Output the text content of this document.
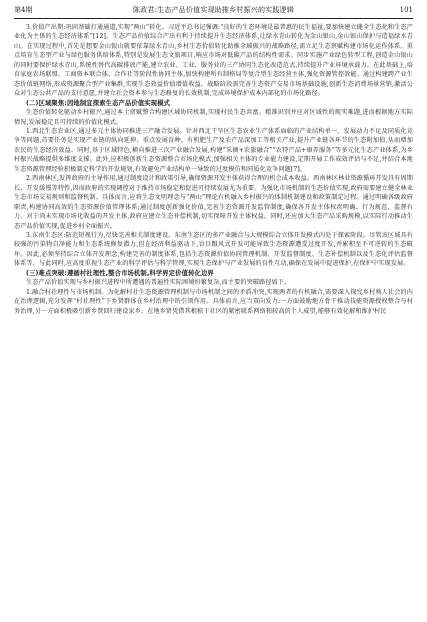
第4期	陈政君:生态产品价值实现助推乡村振兴的实践逻辑	101

3.价值产出期:巩固基础打通通道,实现“两山”转化。习近平总书记强调:“良好的生态环境是最普惠的民生福祉,要加快建立健全生态化和生态产业化为主体的生态经济体系”[12]。生态产品价值综合产出有利于持续提升生态经济体系,让绿水青山转化为金山银山,金山银山保护与造福绿水青山。在实现过程中,首先是想要金山银山就要依靠绿水青山,乡村生态价值转化助推全域振兴的战略路径,需立足生态禀赋构建市场化运作体系。重点培育生态型产业与绿色服务供给体系,特别是发展生态文旅项目,响应市场对低碳产品的结构性需求。同步实施产业绿色转型工程,创造金山银山的同时要保护绿水青山,系统性替代高碳排放产能,建立农业、工业、服务业的三产协同生态化改造范式,持续提升产业环境承载力。在此基础上,培育家庭农场联盟、工商资本联合体、合作社等阶段性协同主体,加快构建所有制格局等复合型生态经营主体,强化资源管控效能。通过构建跨产业生态价值链网络,形成资源聚合型产业集群,实现生态效益价值增值收益。战略阶段需完善生态资产交易市场基础设施,创新生态消费场景营销,激活公众对生态公共产品的支付意愿,并建立社会资本参与生态修复的长效机制,完成环境保护成本内部化的市场化路径。

(二)区域聚焦:因地制宜探索生态产品价值实现模式

生态价值转化驱动乡村振兴,通过本土禀赋整合构建区域协同机制,实现村民生态共富。精准识别并应对区域性的现实难题,进而根据地方实际情况,发展稳定且可持续的价值化模式。

1.西北生态农业区,通过多元主体协同推进三产融合发展。针对西北干旱区生态农业生产体系面临的产业结构单一、发展动力不足及同质化竞争等问题,首要任务是实现产业链的纵向延伸。重点发展育种、有机肥生产及农产品深加工等相关产业,提升产业链各环节的生态附加值,从而增加农民的生态经济效益。同时,基于区域特色,横向推进三次产业融合发展,构建“采摘+农旅融合”“农特产品+康养服务”等多元化生态产业体系,为乡村振兴战略提供多维度支撑。此外,应积极创新生态资源整合市场化模式,加强相关主体的专业能力建设,定期开展工作成效评估与不足,并结合本地生态资源管理经验积极制定科学的开发规划,有效避免产业结构单一导致的过度模仿和同质化竞争问题[7]。

2.西南林区,发挥政府的主导作用,通过制度设计和政策引导,确保资源开发主体获得合理的机会成本收益。西南林区林业资源循环开发具有周期长、开发缓慢等特性,因而政府的实现调控对于维持市场稳定和促进可持续发展尤为重要。为强化市场机制的生态价值实现,政府需要建立健全林业生态市场交易规则和监督机制。具体而言,应将生态文明理念与“两山”理论有机融入乡村振兴的体制机制建设和政策制定过程。通过明确各级政府职责,构建协同高效的生态资源价值管理体系;通过制度创新强化价值,完善生态资源开发监管制度,确保各开发主体权责明确、行为规范、监督有力。对于尚未实现市场化收益的开发主体,政府应建立生态补偿机制,切实保障开发主体权益。同时,还应加大生态产品采购规模,以实际行动推动生态产品价值实现,促进乡村全面振兴。

3.东南生态区:防范短视行为,尽快完善相关制度建设。东南生态区的多产业融合与大规模综合立体开发模式内处于探索阶段。尽管该区域具有较强的污染物自净能力和生态系统修复潜力,但在经济利益驱动下,盲目跟风式开发可能导致生态资源遭受过度开发,并累积至不可逆转的生态破坏。因此,必须坚持综合立体开发理念,构建完善的制度体系,包括生态资源价值协同管理机制、开发监督制度、生态补偿机制以及生态化评估监督体系等。与此同时,应高度重视生态产业的科学评估与科学管理,实现生态保护与产业发展的良性互动,确保在发展中促进保护,在保护中实现发展。

(三)难点突破:遵循村社理性,整合市场机制,科学界定价值转化边界

生态产品价值实现与乡村振兴进程中所遭遇的普遍性实际困境纷繁复杂,而主要的突破路径如下。

1.融合村社理性与市场机制。为化解村社生态资源管理机制与市场机制之间的矛盾冲突,实现两者的有机融合,需要深入探究乡村熟人社会的内在治理逻辑,充分发挥“村社理性”下乡贤群体在乡村治理中的引领作用。具体而言,应当双向发力:一方面鼓励地方骨干推动技能资源授权整合与村务治理,另一方面积极吸引新乡贤回归建设家乡。在地乡贤凭借其根植于社区的紧密联系网络和较高的个人威望,能够有效化解和维护村民
